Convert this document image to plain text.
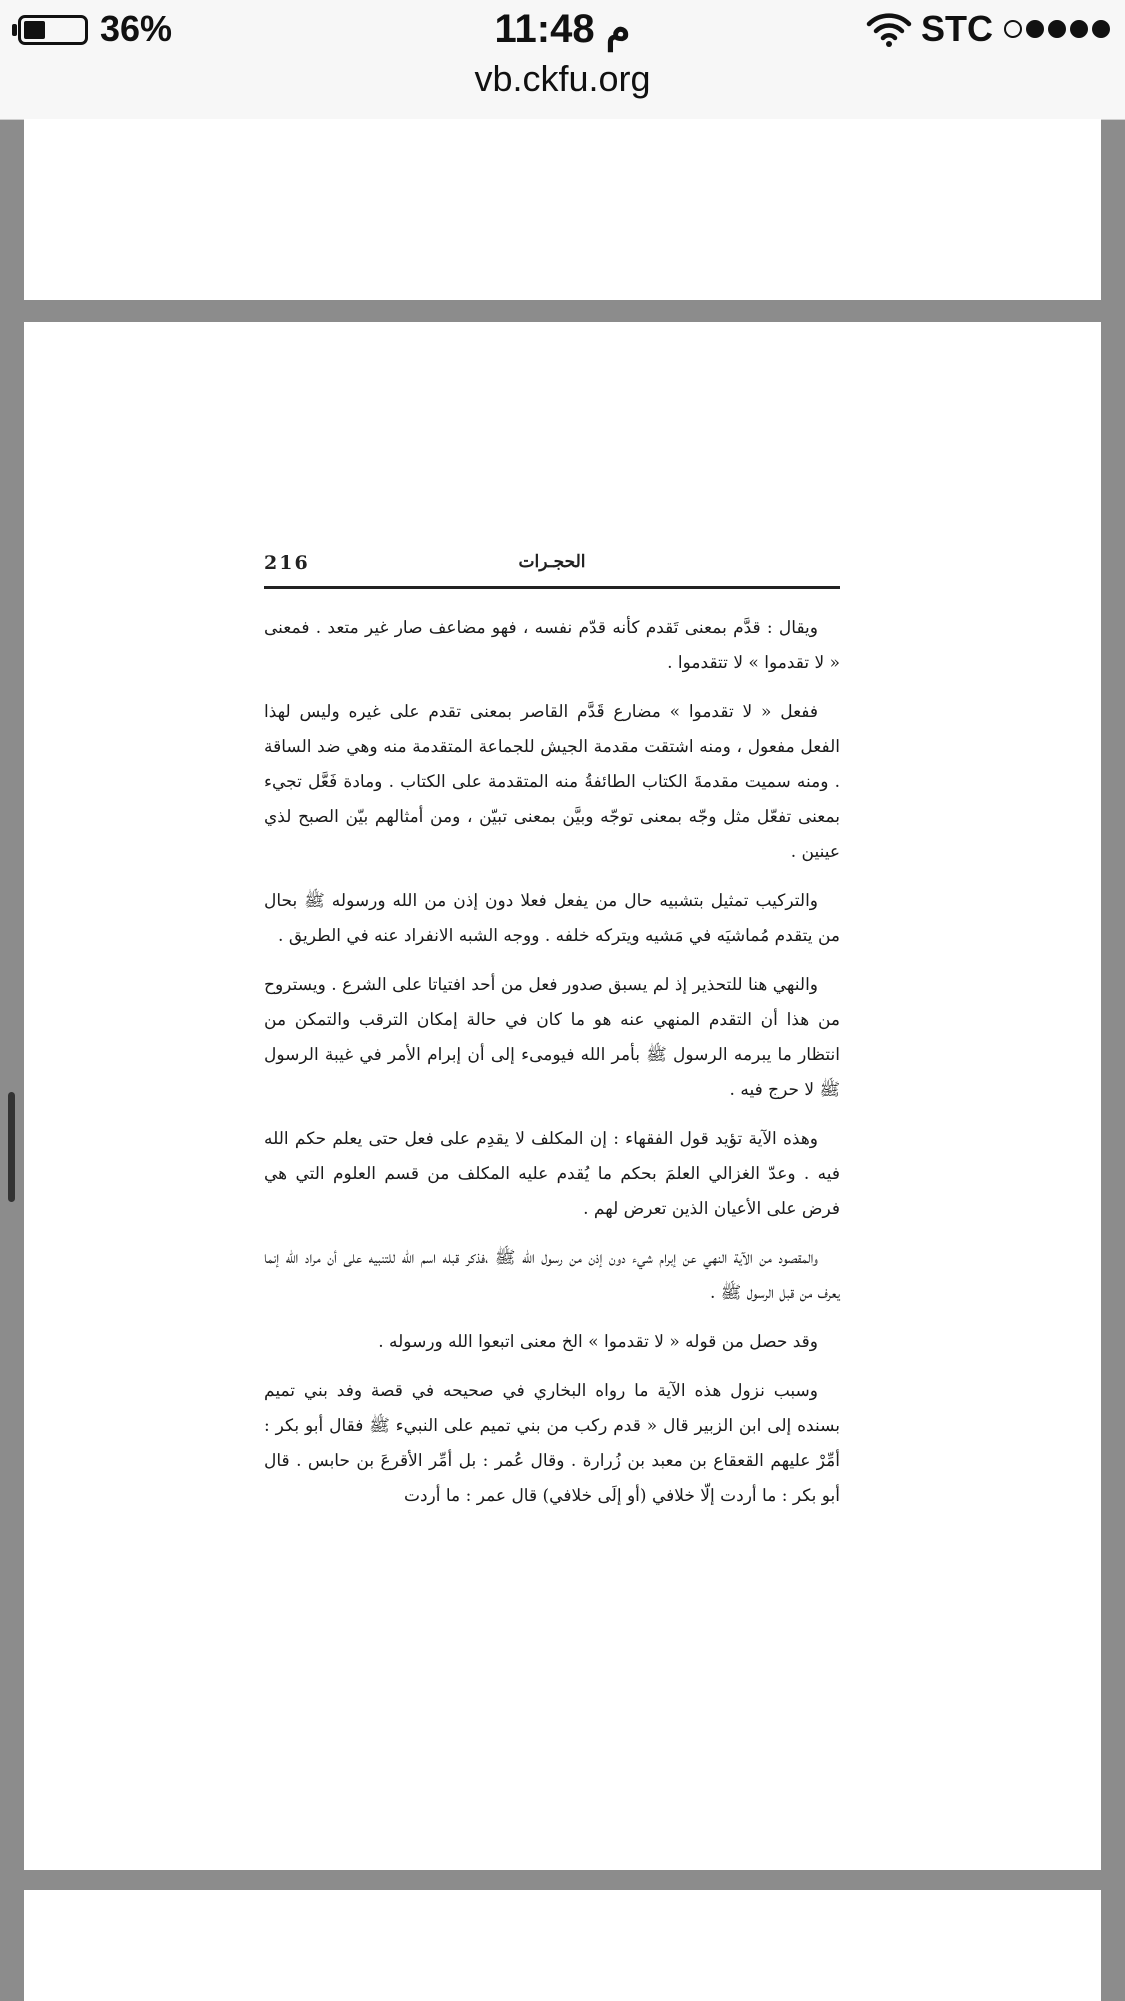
36%	11:48 م	STC
vb.ckfu.org
216	الحجـرات

ويقال : قدَّم بمعنى تَقدم كأنه قدّم نفسه ، فهو مضاعف صار غير متعد . فمعنى « لا تقدموا » لا تتقدموا .

ففعل « لا تقدموا » مضارع قَدَّم القاصر بمعنى تقدم على غيره وليس لهذا الفعل مفعول ، ومنه اشتقت مقدمة الجيش للجماعة المتقدمة منه وهي ضد الساقة . ومنه سميت مقدمةَ الكتاب الطائفةُ منه المتقدمة على الكتاب . ومادة فَعَّل تجيء بمعنى تفعّل مثل وجّه بمعنى توجّه وبيَّن بمعنى تبيّن ، ومن أمثالهم بيّن الصبح لذي عينين .

والتركيب تمثيل بتشبيه حال من يفعل فعلا دون إذن من الله ورسوله ﷺ بحال من يتقدم مُماشيَه في مَشيه ويتركه خلفه . ووجه الشبه الانفراد عنه في الطريق .

والنهي هنا للتحذير إذ لم يسبق صدور فعل من أحد افتياتا على الشرع . ويستروح من هذا أن التقدم المنهي عنه هو ما كان في حالة إمكان الترقب والتمكن من انتظار ما يبرمه الرسول ﷺ بأمر الله فيومىء إلى أن إبرام الأمر في غيبة الرسول ﷺ لا حرج فيه .

وهذه الآية تؤيد قول الفقهاء : إن المكلف لا يقدِم على فعل حتى يعلم حكم الله فيه . وعدّ الغزالي العلمَ بحكم ما يُقدم عليه المكلف من قسم العلوم التي هي فرض على الأعيان الذين تعرض لهم .

والمقصود من الآية النهي عن إبرام شيء دون إذن من رسول الله ﷺ ،فذكر قبله اسم الله للتنبيه على أن مراد الله إنما يعرف من قبل الرسول ﷺ .

وقد حصل من قوله « لا تقدموا » الخ معنى اتبعوا الله ورسوله .

وسبب نزول هذه الآية ما رواه البخاري في صحيحه في قصة وفد بني تميم بسنده إلى ابن الزبير قال « قدم ركب من بني تميم على النبيء ﷺ فقال أبو بكر : أمِّرْ عليهم القعقاع بن معبد بن زُرارة . وقال عُمر : بل أمِّر الأقرعَ بن حابس . قال أبو بكر : ما أردت إلّا خلافي (أو إلَى خلافي) قال عمر : ما أردت
